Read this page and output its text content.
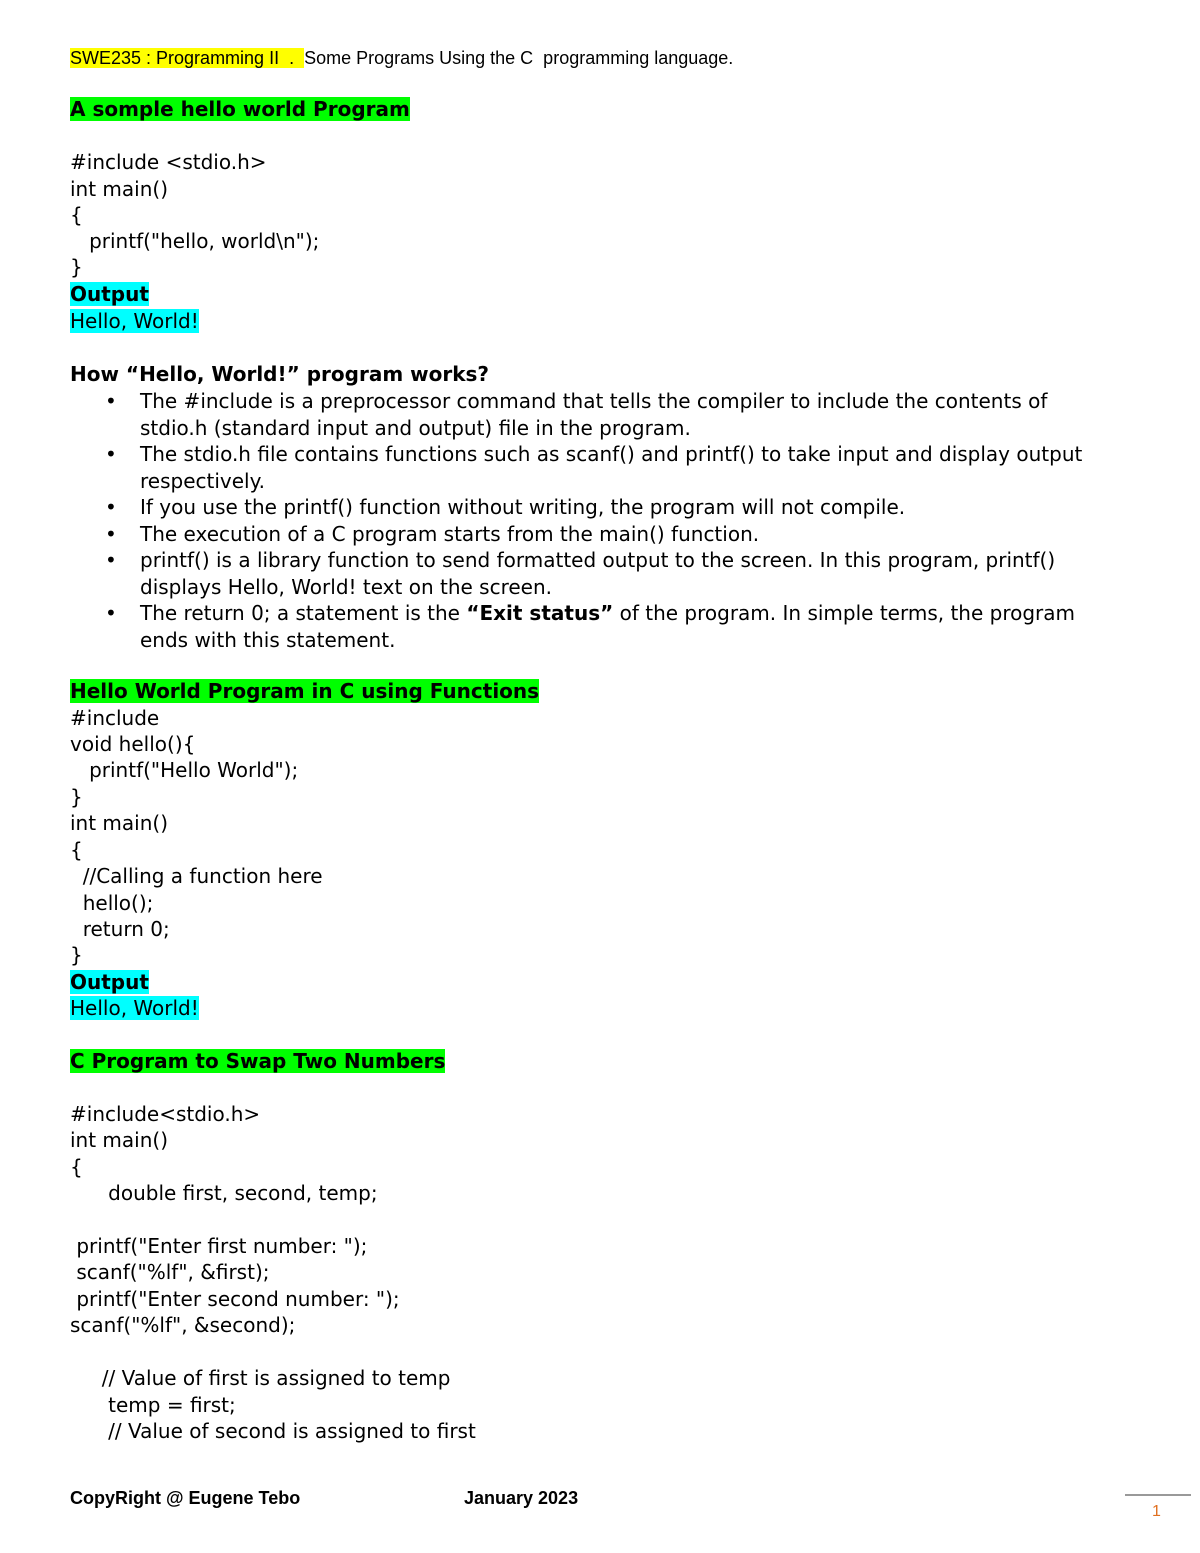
SWE235 : Programming II  .  Some Programs Using the C  programming language.
A somple hello world Program
#include <stdio.h>
int main()
{
printf("hello, world\n");
}
Output
Hello, World!
How “Hello, World!” program works?
• The #include is a preprocessor command that tells the compiler to include the contents of stdio.h (standard input and output) file in the program.
• The stdio.h file contains functions such as scanf() and printf() to take input and display output respectively.
• If you use the printf() function without writing, the program will not compile.
• The execution of a C program starts from the main() function.
• printf() is a library function to send formatted output to the screen. In this program, printf() displays Hello, World! text on the screen.
• The return 0; a statement is the “Exit status” of the program. In simple terms, the program ends with this statement.
Hello World Program in C using Functions
#include
void hello(){
printf("Hello World");
}
int main()
{
//Calling a function here
hello();
return 0;
}
Output
Hello, World!
C Program to Swap Two Numbers
#include<stdio.h>
int main()
{
double first, second, temp;
printf("Enter first number: ");
scanf("%lf", &first);
printf("Enter second number: ");
scanf("%lf", &second);
// Value of first is assigned to temp
temp = first;
// Value of second is assigned to first
CopyRight @ Eugene Tebo	January 2023
1
